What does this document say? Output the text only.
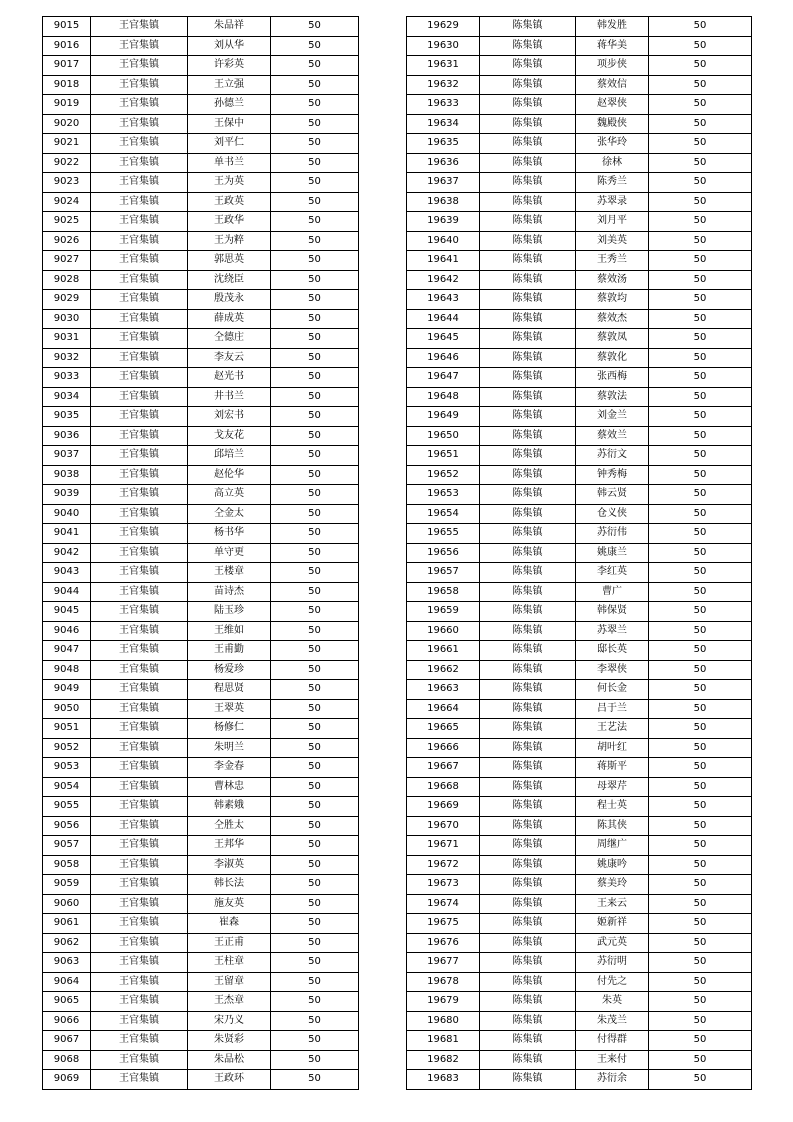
9015	王官集镇	朱品祥	50
9016	王官集镇	刘从华	50
9017	王官集镇	许彩英	50
9018	王官集镇	王立强	50
9019	王官集镇	孙德兰	50
9020	王官集镇	王保中	50
9021	王官集镇	刘平仁	50
9022	王官集镇	单书兰	50
9023	王官集镇	王为英	50
9024	王官集镇	王政英	50
9025	王官集镇	王政华	50
9026	王官集镇	王为粹	50
9027	王官集镇	郭思英	50
9028	王官集镇	沈绕臣	50
9029	王官集镇	殷茂永	50
9030	王官集镇	薛成英	50
9031	王官集镇	仝德庄	50
9032	王官集镇	李友云	50
9033	王官集镇	赵光书	50
9034	王官集镇	井书兰	50
9035	王官集镇	刘宏书	50
9036	王官集镇	戈友花	50
9037	王官集镇	邱培兰	50
9038	王官集镇	赵伦华	50
9039	王官集镇	高立英	50
9040	王官集镇	仝金太	50
9041	王官集镇	杨书华	50
9042	王官集镇	单守更	50
9043	王官集镇	王楼章	50
9044	王官集镇	苗诗杰	50
9045	王官集镇	陆玉珍	50
9046	王官集镇	王维如	50
9047	王官集镇	王甫勤	50
9048	王官集镇	杨爱珍	50
9049	王官集镇	程思贤	50
9050	王官集镇	王翠英	50
9051	王官集镇	杨修仁	50
9052	王官集镇	朱明兰	50
9053	王官集镇	李金春	50
9054	王官集镇	曹林忠	50
9055	王官集镇	韩素娥	50
9056	王官集镇	仝胜太	50
9057	王官集镇	王邦华	50
9058	王官集镇	李淑英	50
9059	王官集镇	韩长法	50
9060	王官集镇	施友英	50
9061	王官集镇	崔森	50
9062	王官集镇	王正甫	50
9063	王官集镇	王柱章	50
9064	王官集镇	王留章	50
9065	王官集镇	王杰章	50
9066	王官集镇	宋乃义	50
9067	王官集镇	朱贤彩	50
9068	王官集镇	朱品松	50
9069	王官集镇	王政环	50
19629	陈集镇	韩发胜	50
19630	陈集镇	蒋华美	50
19631	陈集镇	项步侠	50
19632	陈集镇	蔡效信	50
19633	陈集镇	赵翠侠	50
19634	陈集镇	魏殿侠	50
19635	陈集镇	张华玲	50
19636	陈集镇	徐林	50
19637	陈集镇	陈秀兰	50
19638	陈集镇	苏翠录	50
19639	陈集镇	刘月平	50
19640	陈集镇	刘美英	50
19641	陈集镇	王秀兰	50
19642	陈集镇	蔡效汤	50
19643	陈集镇	蔡敦均	50
19644	陈集镇	蔡效杰	50
19645	陈集镇	蔡敦凤	50
19646	陈集镇	蔡敦化	50
19647	陈集镇	张西梅	50
19648	陈集镇	蔡敦法	50
19649	陈集镇	刘金兰	50
19650	陈集镇	蔡效兰	50
19651	陈集镇	苏衍文	50
19652	陈集镇	钟秀梅	50
19653	陈集镇	韩云贤	50
19654	陈集镇	仓义侠	50
19655	陈集镇	苏衍伟	50
19656	陈集镇	姚康兰	50
19657	陈集镇	李红英	50
19658	陈集镇	曹广	50
19659	陈集镇	韩保贤	50
19660	陈集镇	苏翠兰	50
19661	陈集镇	邸长英	50
19662	陈集镇	李翠侠	50
19663	陈集镇	何长金	50
19664	陈集镇	吕于兰	50
19665	陈集镇	王艺法	50
19666	陈集镇	胡叶红	50
19667	陈集镇	蒋斯平	50
19668	陈集镇	母翠芹	50
19669	陈集镇	程士英	50
19670	陈集镇	陈其侠	50
19671	陈集镇	周继广	50
19672	陈集镇	姚康吟	50
19673	陈集镇	蔡美玲	50
19674	陈集镇	王来云	50
19675	陈集镇	姬新祥	50
19676	陈集镇	武元英	50
19677	陈集镇	苏衍明	50
19678	陈集镇	付先之	50
19679	陈集镇	朱英	50
19680	陈集镇	朱茂兰	50
19681	陈集镇	付得群	50
19682	陈集镇	王来付	50
19683	陈集镇	苏衍余	50
